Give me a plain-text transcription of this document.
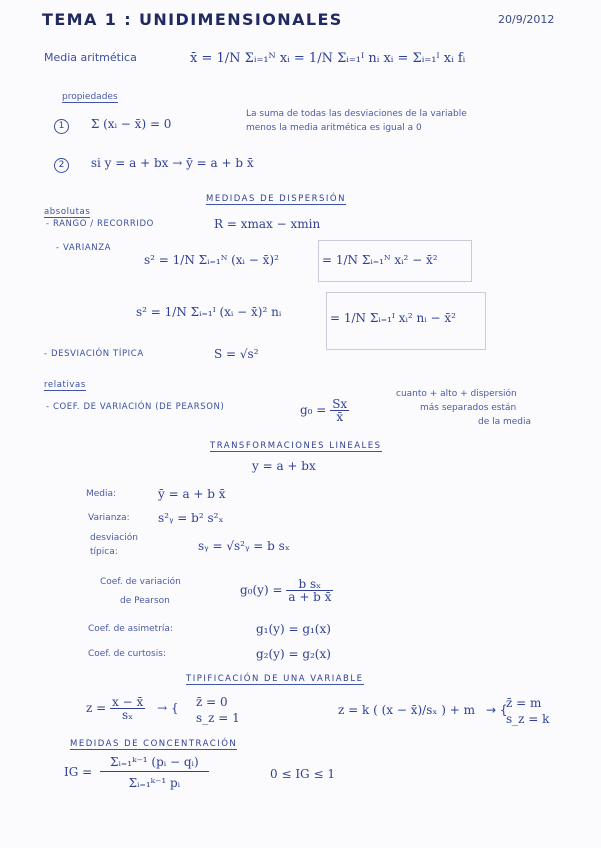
TEMA 1 : UNIDIMENSIONALES	20/9/2012
Media aritmética	x̄ = 1/N Σᵢ₌₁ᴺ xᵢ = 1/N Σᵢ₌₁ᴵ nᵢ xᵢ = Σᵢ₌₁ᴵ xᵢ fᵢ
propiedades
1 Σ (xᵢ − x̄) = 0
La suma de todas las desviaciones de la variable
menos la media aritmética es igual a 0
2 si y = a + bx → ȳ = a + b x̄
MEDIDAS DE DISPERSIÓN
absolutas
- RANGO / RECORRIDO	R = xmax − xmin
- VARIANZA
s² = 1/N Σᵢ₌₁ᴺ (xᵢ − x̄)²	= 1/N Σᵢ₌₁ᴺ xᵢ² − x̄²
s² = 1/N Σᵢ₌₁ᴵ (xᵢ − x̄)² nᵢ	= 1/N Σᵢ₌₁ᴵ xᵢ² nᵢ − x̄²
- DESVIACIÓN TÍPICA	S = √s²
relativas
- COEF. DE VARIACIÓN (DE PEARSON)	$g_0 = \frac{Sx}{x̄}$
cuanto + alto + dispersión
más separados están
de la media
TRANSFORMACIONES LINEALES
y = a + bx
Media:	ȳ = a + b x̄
Varianza: s²ᵧ = b² s²ₓ
desviación
típica:	sᵧ = √s²ᵧ = b sₓ
Coef. de variación
de Pearson
$g_0(y) = \frac{\text{b sₓ}}{\text{a + b x̄}}$
Coef. de asimetría:	g₁(y) = g₁(x)
Coef. de curtosis:	g₂(y) = g₂(x)
TIPIFICACIÓN DE UNA VARIABLE
$z = \frac{x - x̄}{\text{sₓ}}$ → { z̄ = 0
s_z = 1
z = k ( (x − x̄)/sₓ ) + m → {
z̄ = m
s_z = k
MEDIDAS DE CONCENTRACIÓN
IG = $\frac{\text{Σᵢ₌₁ᵏ⁻¹ (pᵢ − qᵢ)}}{\text{Σᵢ₌₁ᵏ⁻¹ pᵢ}}$	0 ≤ IG ≤ 1
